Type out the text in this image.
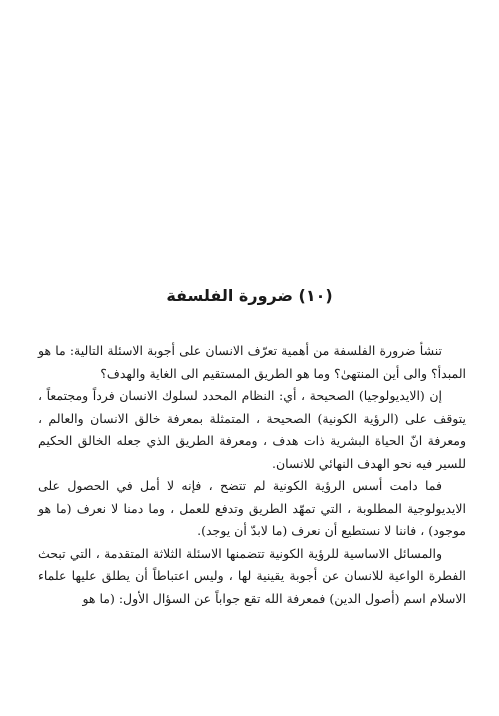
(١٠) ضرورة الفلسفة

تنشأ ضرورة الفلسفة من أهمية تعرّف الانسان على أجوبة الاسئلة التالية: ما هو المبدأ؟ والى أين المنتهىٰ؟ وما هو الطريق المستقيم الى الغاية والهدف؟

إن (الايديولوجيا) الصحيحة ، أي: النظام المحدد لسلوك الانسان فرداً ومجتمعاً ، يتوقف على (الرؤية الكونية) الصحيحة ، المتمثلة بمعرفة خالق الانسان والعالم ، ومعرفة انّ الحياة البشرية ذات هدف ، ومعرفة الطريق الذي جعله الخالق الحكيم للسير فيه نحو الهدف النهائي للانسان.

فما دامت أسس الرؤية الكونية لم تتضح ، فإنه لا أمل في الحصول على الايديولوجية المطلوبة ، التي تمهّد الطريق وتدفع للعمل ، وما دمنا لا نعرف (ما هو موجود) ، فاننا لا نستطيع أن نعرف (ما لابدّ أن يوجد).

والمسائل الاساسية للرؤية الكونية تتضمنها الاسئلة الثلاثة المتقدمة ، التي تبحث الفطرة الواعية للانسان عن أجوبة يقينية لها ، وليس اعتباطاً أن يطلق عليها علماء الاسلام اسم (أصول الدين) فمعرفة الله تقع جواباً عن السؤال الأول: (ما هو
